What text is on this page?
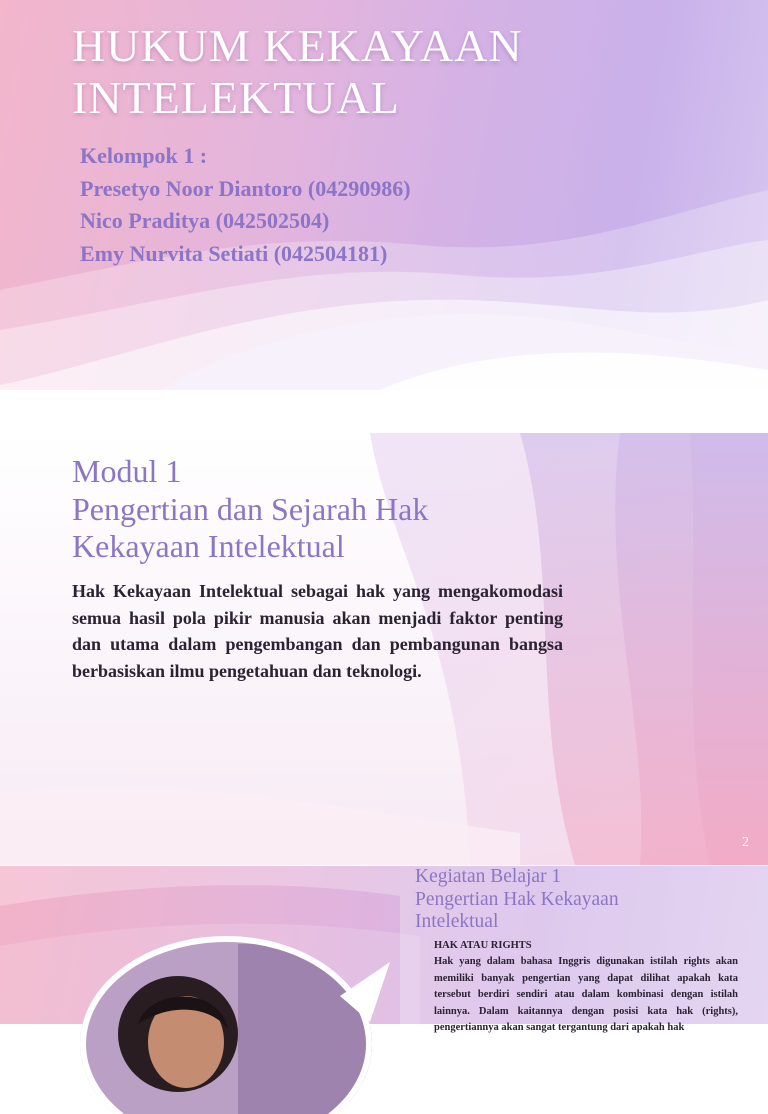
HUKUM KEKAYAAN
INTELEKTUAL
Kelompok 1 :
Presetyo Noor Diantoro (04290986)
Nico Praditya (042502504)
Emy Nurvita Setiati (042504181)
Modul 1
Pengertian dan Sejarah Hak
Kekayaan Intelektual

Hak Kekayaan Intelektual sebagai hak yang mengakomodasi semua hasil pola pikir manusia akan menjadi faktor penting dan utama dalam pengembangan dan pembangunan bangsa berbasiskan ilmu pengetahuan dan teknologi.

2
Kegiatan Belajar 1
Pengertian Hak Kekayaan
Intelektual
HAK ATAU RIGHTS

Hak yang dalam bahasa Inggris digunakan istilah rights akan memiliki banyak pengertian yang dapat dilihat apakah kata tersebut berdiri sendiri atau dalam kombinasi dengan istilah lainnya. Dalam kaitannya dengan posisi kata hak (rights), pengertiannya akan sangat tergantung dari apakah hak
